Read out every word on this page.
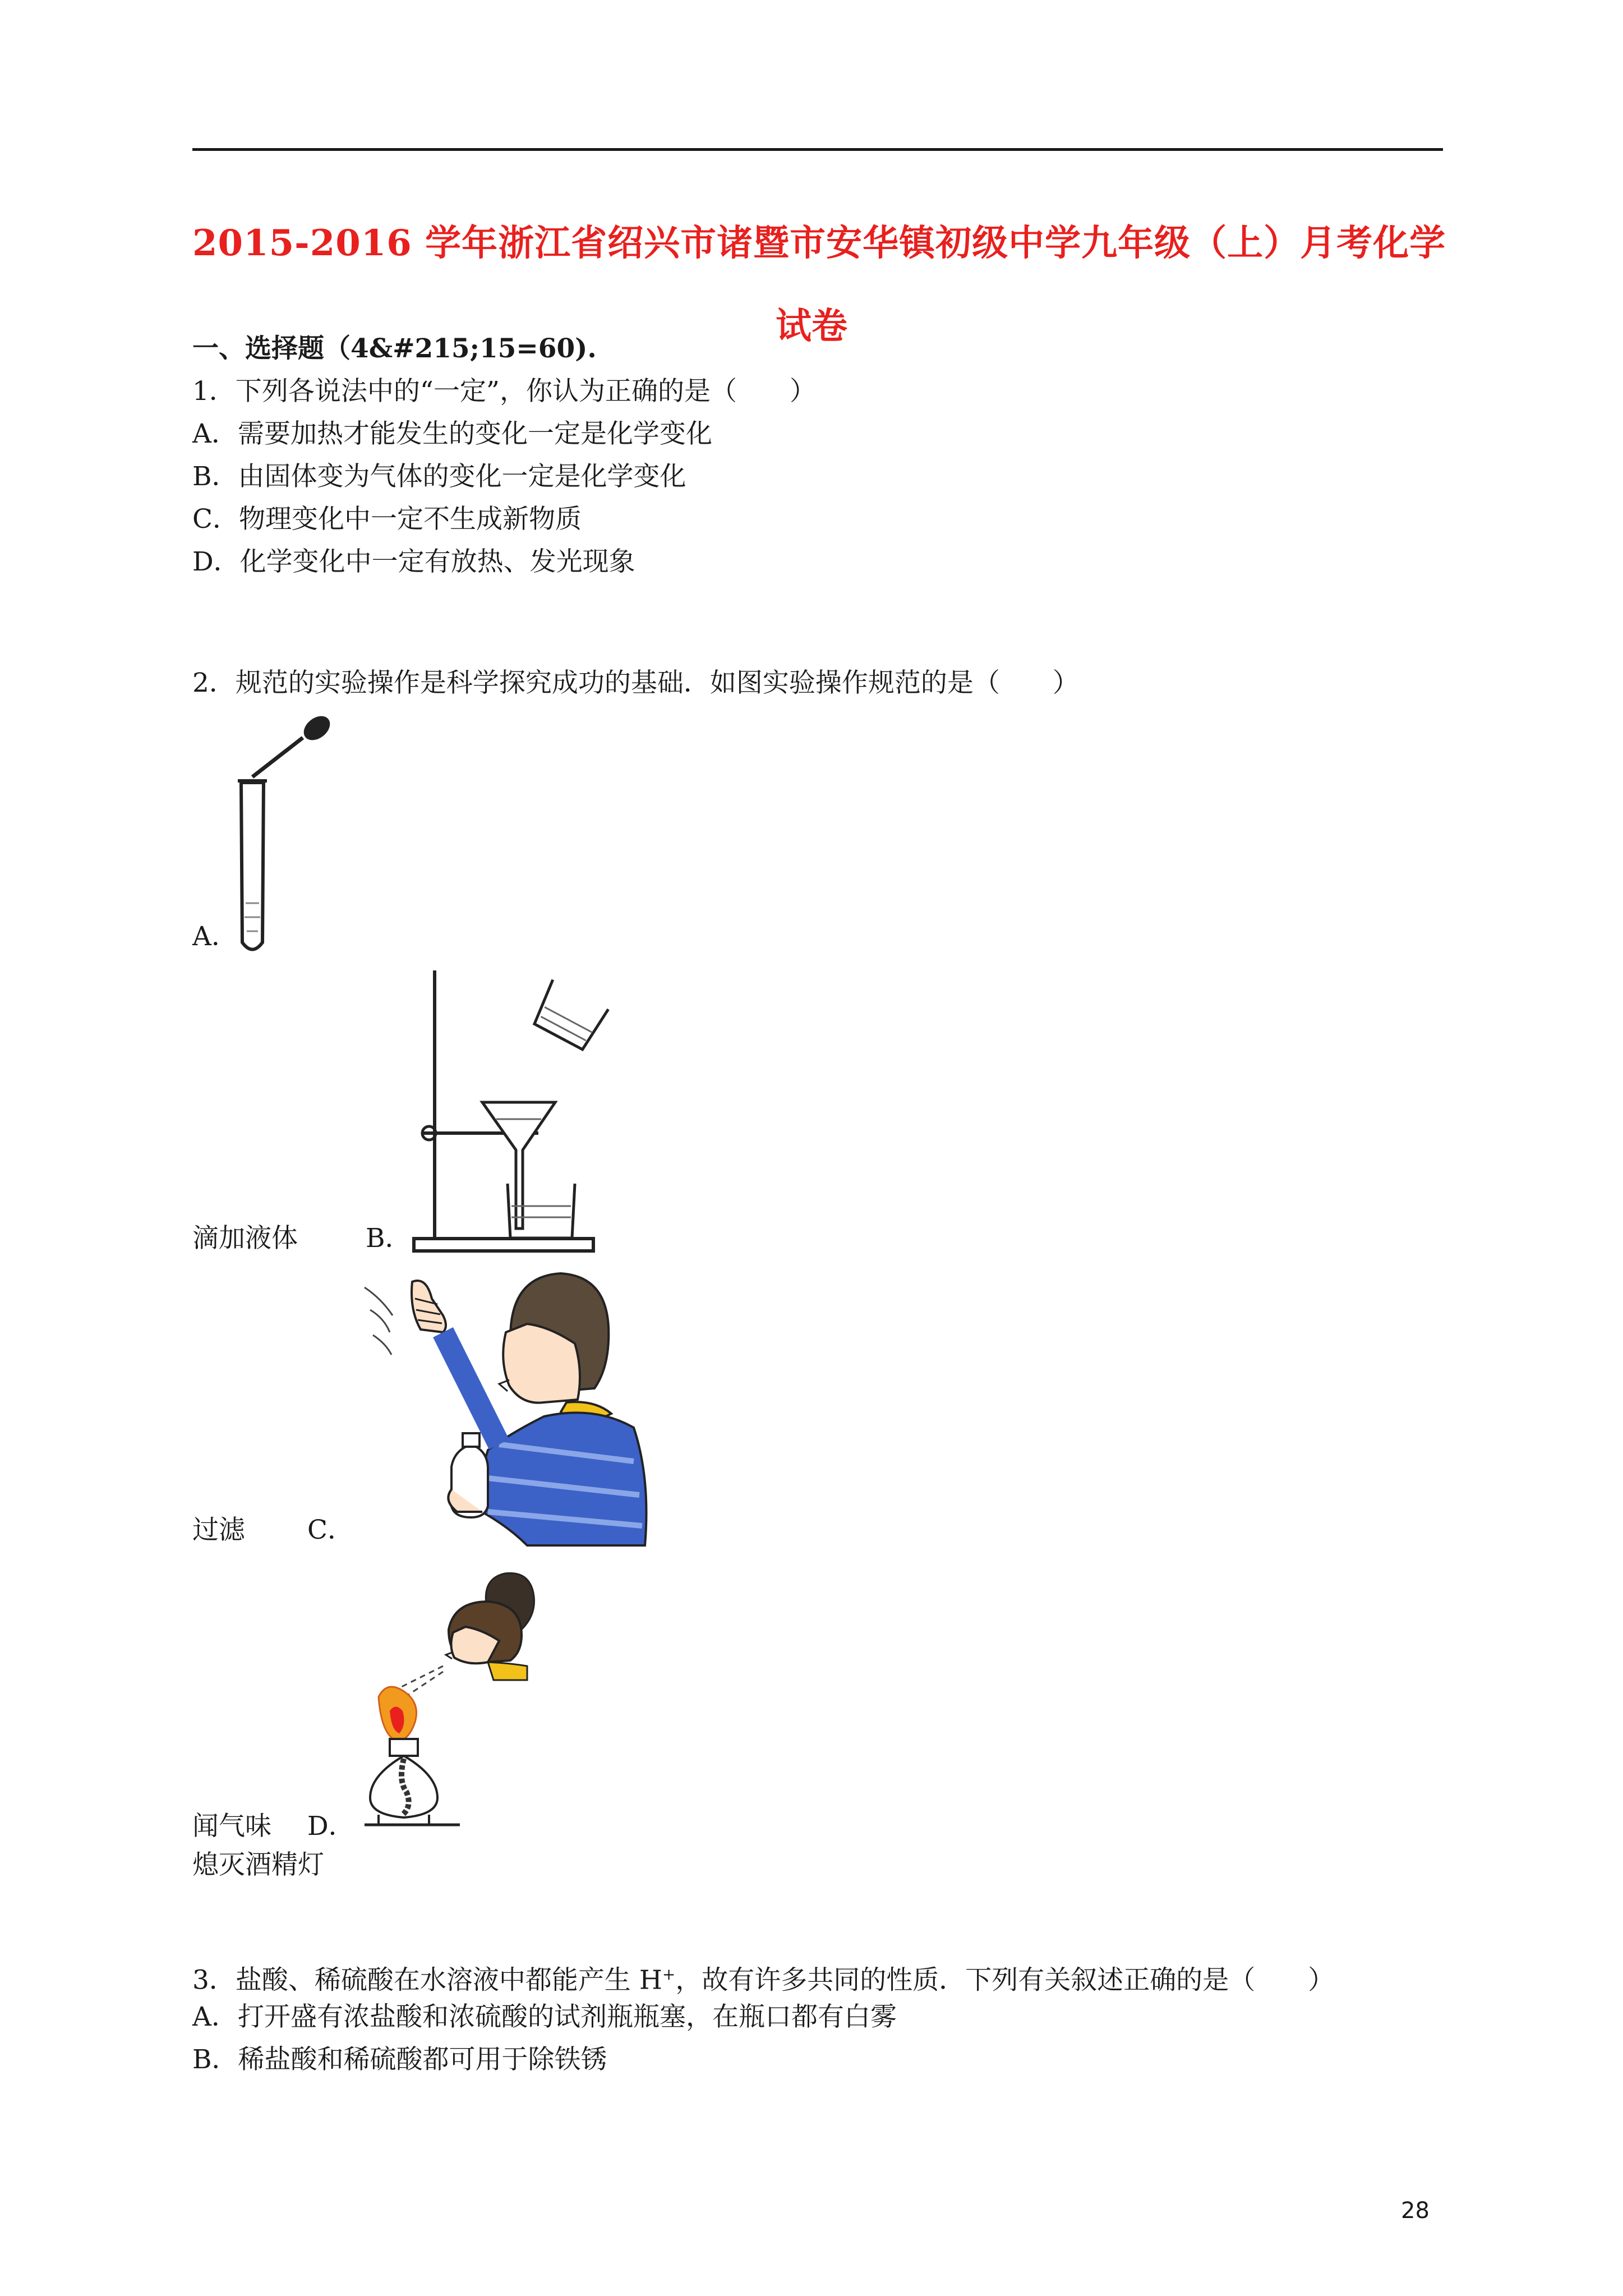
2015-2016 学年浙江省绍兴市诸暨市安华镇初级中学九年级（上）月考化学
试卷
一、选择题（4&#215;15=60).
1．下列各说法中的“一定”，你认为正确的是（　　）
A．需要加热才能发生的变化一定是化学变化
B．由固体变为气体的变化一定是化学变化
C．物理变化中一定不生成新物质
D．化学变化中一定有放热、发光现象
2．规范的实验操作是科学探究成功的基础．如图实验操作规范的是（　　）
A．
滴加液体	B．
过滤 C．
闻气味 D．
熄灭酒精灯
3．盐酸、稀硫酸在水溶液中都能产生 H+，故有许多共同的性质．下列有关叙述正确的是（　　）
A．打开盛有浓盐酸和浓硫酸的试剂瓶瓶塞，在瓶口都有白雾
B．稀盐酸和稀硫酸都可用于除铁锈
28
